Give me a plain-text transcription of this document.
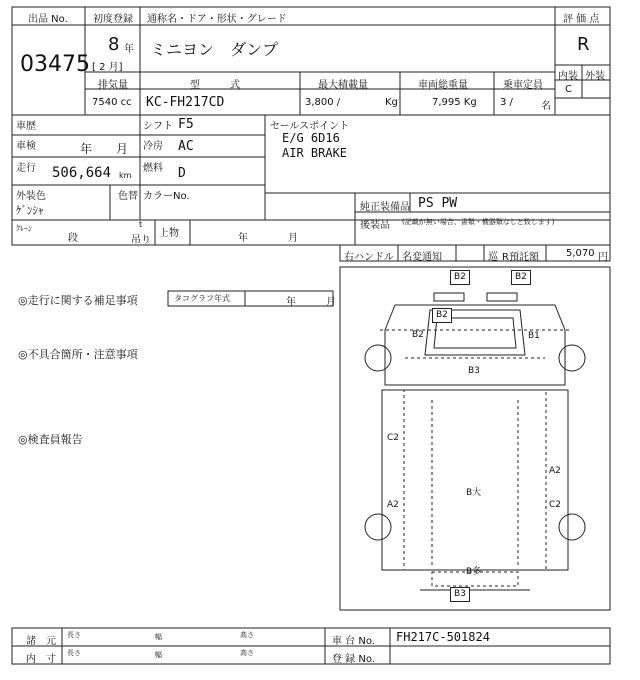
出品 No.
03475
初度登録
8 年
[ 2 月]
通称名・ドア・形状・グレード
ミニヨン　ダンプ
評 価 点
R
内装 外装
C
排気量
7540 cc
型　　　式
KC-FH217CD
最大積載量
3,800 /	Kg
車両総重量
7,995 Kg
乗車定員
3 /	名
車歴	シフト F5
車検	年　　月 冷房 AC
走行 506,664 km
燃料 D
外装色
ｹﾞﾝｼｬ
色替 カラーNo.
セールスポイント
E/G 6D16
AIR BRAKE
純正装備品 PS PW
後装品 (記載が無い場合、書類・機器類なしと致します)
ｸﾚｰﾝ
段
t
吊り
上物	年　　　　月
右ハンドル 名変通知	巡 R預託額	5,070 円
◎走行に関する補足事項	タコグラフ年式	年　　　月
◎不具合箇所・注意事項
◎検査員報告
B2	B2
B2
B2	B1
B3
C2
A2
A2	C2
B大
B多
B3
諸　元
内　寸
長さ	幅	高さ
長さ	幅	高さ
車 台 No. FH217C-501824
登 録 No.
